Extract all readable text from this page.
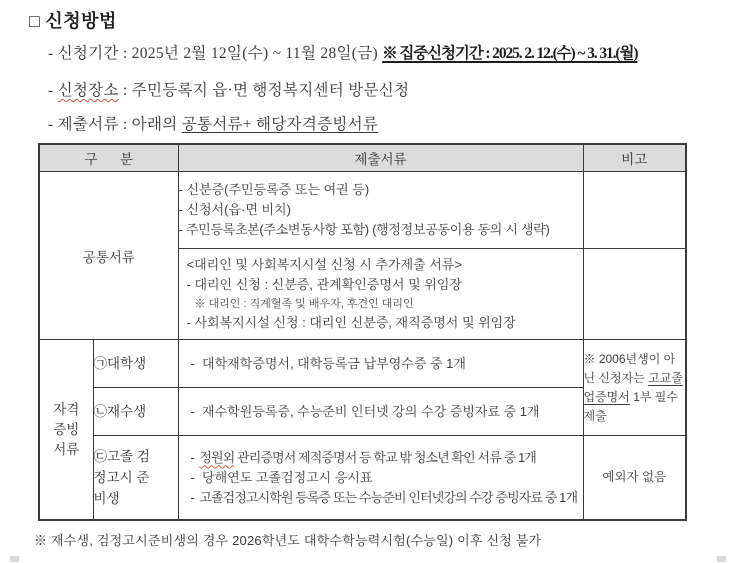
□ 신청방법
- 신청기간 : 2025년 2월 12일(수) ~ 11월 28일(금) ※ 집중신청기간 : 2025. 2. 12.(수) ~ 3. 31.(월)
- 신청장소 : 주민등록지 읍·면 행정복지센터 방문신청
- 제출서류 : 아래의 공통서류+ 해당자격증빙서류
구      분		제출서류	비고
공통서류		- 신분증(주민등록증 또는 여권 등)
- 신청서(읍·면 비치)
- 주민등록초본(주소변동사항 포함) (행정정보공동이용 동의 시 생략)	

		<대리인 및 사회복지시설 신청 시 추가제출 서류>
- 대리인 신청 : 신분증, 관계확인증명서 및 위임장
※ 대리인 : 직계혈족 및 배우자, 후견인 대리인
- 사회복지시설 신청 : 대리인 신분증, 재직증명서 및 위임장	

자격증빙서류	㉠대학생	-  대학재학증명서, 대학등록금 납부영수증 중 1개	※ 2006년생이 아닌 신청자는 고교졸업증명서 1부 필수 제출
	㉡재수생	-  재수학원등록증, 수능준비 인터넷 강의 수강 증빙자료 중 1개	

	㉢고졸 검정고시 준비생	-  정원외 관리증명서 제적증명서 등 학교 밖 청소년 확인 서류 중 1개
-  당해연도 고졸검정고시 응시표
-  고졸검정고시학원 등록증 또는 수능준비 인터넷강의 수강 증빙자료 중 1개	예외자 없음
※ 재수생, 검정고시준비생의 경우 2026학년도 대학수학능력시험(수능일) 이후 신청 불가
